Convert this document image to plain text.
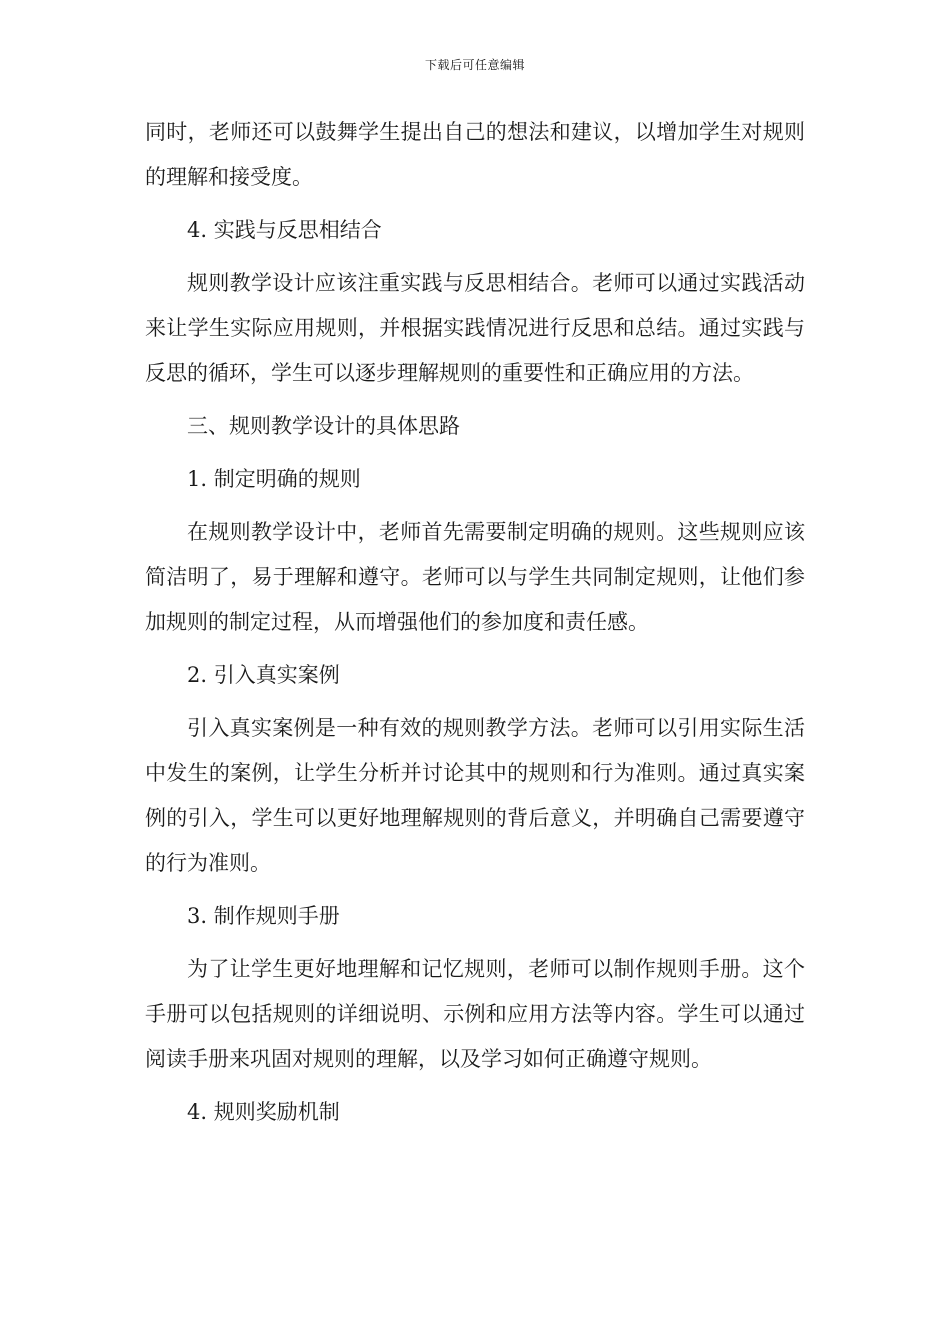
下载后可任意编辑

同时，老师还可以鼓舞学生提出自己的想法和建议，以增加学生对规则的理解和接受度。

4. 实践与反思相结合

规则教学设计应该注重实践与反思相结合。老师可以通过实践活动来让学生实际应用规则，并根据实践情况进行反思和总结。通过实践与反思的循环，学生可以逐步理解规则的重要性和正确应用的方法。

三、规则教学设计的具体思路

1. 制定明确的规则

在规则教学设计中，老师首先需要制定明确的规则。这些规则应该简洁明了，易于理解和遵守。老师可以与学生共同制定规则，让他们参加规则的制定过程，从而增强他们的参加度和责任感。

2. 引入真实案例

引入真实案例是一种有效的规则教学方法。老师可以引用实际生活中发生的案例，让学生分析并讨论其中的规则和行为准则。通过真实案例的引入，学生可以更好地理解规则的背后意义，并明确自己需要遵守的行为准则。

3. 制作规则手册

为了让学生更好地理解和记忆规则，老师可以制作规则手册。这个手册可以包括规则的详细说明、示例和应用方法等内容。学生可以通过阅读手册来巩固对规则的理解，以及学习如何正确遵守规则。

4. 规则奖励机制
